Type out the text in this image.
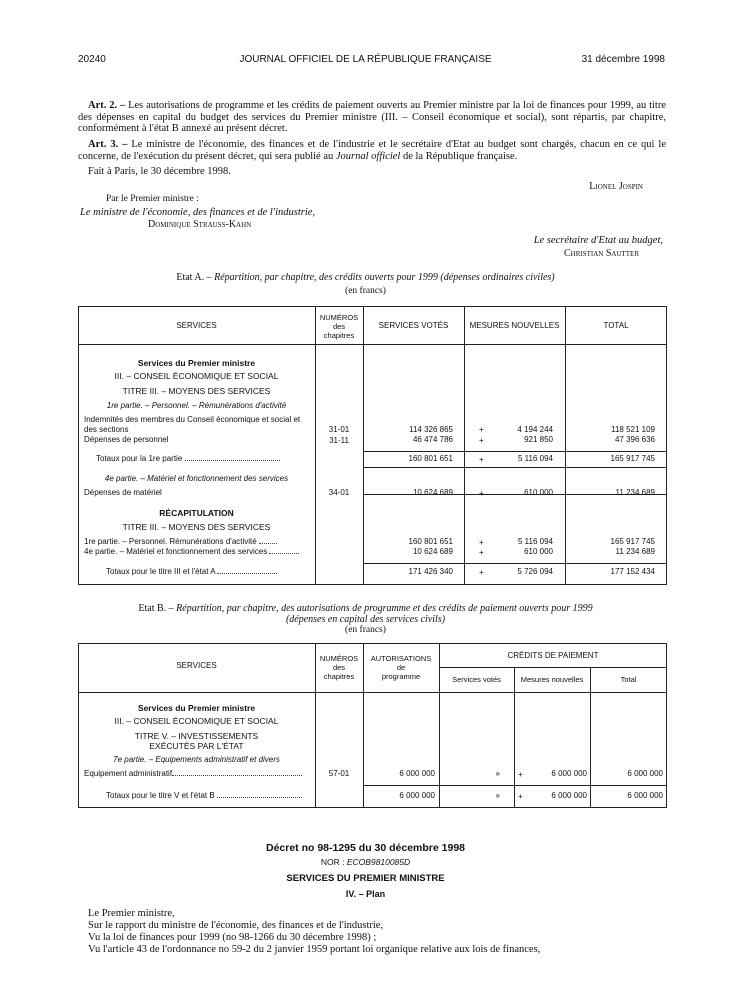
20240	JOURNAL OFFICIEL DE LA RÉPUBLIQUE FRANÇAISE	31 décembre 1998
Art. 2. – Les autorisations de programme et les crédits de paiement ouverts au Premier ministre par la loi de finances pour 1999, au titre des dépenses en capital du budget des services du Premier ministre (III. – Conseil économique et social), sont répartis, par chapitre, conformément à l'état B annexé au présent décret.
Art. 3. – Le ministre de l'économie, des finances et de l'industrie et le secrétaire d'Etat au budget sont chargés, chacun en ce qui le concerne, de l'exécution du présent décret, qui sera publié au Journal officiel de la République française.
Fait à Paris, le 30 décembre 1998.
Lionel Jospin
Par le Premier ministre :
Le ministre de l'économie, des finances et de l'industrie,
Dominique Strauss-Kahn
Le secrétaire d'Etat au budget,
Christian Sautter
Etat A. – Répartition, par chapitre, des crédits ouverts pour 1999 (dépenses ordinaires civiles)
(en francs)
SERVICES
NUMÉROS
des
chapitres
SERVICES VOTÉS	MESURES NOUVELLES	TOTAL
Services du Premier ministre
III. – CONSEIL ÉCONOMIQUE ET SOCIAL
TITRE III. – MOYENS DES SERVICES
1re partie. – Personnel. – Rémunérations d'activité
Indemnités des membres du Conseil économique et social et
des sections	31-01	114 326 865	+	4 194 244	118 521 109
Dépenses de personnel	31-11	46 474 786	+	921 850	47 396 636
Totaux pour la 1re partie	160 801 651	+	5 116 094	165 917 745
4e partie. – Matériel et fonctionnement des services
Dépenses de matériel	34-01	10 624 689	+	610 000	11 234 689
RÉCAPITULATION
TITRE III. – MOYENS DES SERVICES
1re partie. – Personnel. Rémunérations d'activité	160 801 651	+	5 116 094	165 917 745
4e partie. – Matériel et fonctionnement des services	10 624 689	+	610 000	11 234 689
Totaux pour le titre III et l'état A	171 426 340	+	5 726 094	177 152 434
Etat B. – Répartition, par chapitre, des autorisations de programme et des crédits de paiement ouverts pour 1999
(dépenses en capital des services civils)
(en francs)
SERVICES
NUMÉROS
des
chapitres
AUTORISATIONS
de
programme
CRÉDITS DE PAIEMENT
Services votés	Mesures nouvelles	Total
Services du Premier ministre
III. – CONSEIL ÉCONOMIQUE ET SOCIAL
TITRE V. – INVESTISSEMENTS
EXÉCUTÉS PAR L'ÉTAT
7e partie. – Equipements administratif et divers
Equipement administratif	57-01	6 000 000	» +	6 000 000	6 000 000
Totaux pour le titre V et l'état B	6 000 000	» +	6 000 000	6 000 000
Décret no 98-1295 du 30 décembre 1998
NOR : ECOB9810085D
SERVICES DU PREMIER MINISTRE
IV. – Plan
Le Premier ministre,
Sur le rapport du ministre de l'économie, des finances et de l'industrie,
Vu la loi de finances pour 1999 (no 98-1266 du 30 décembre 1998) ;
Vu l'article 43 de l'ordonnance no 59-2 du 2 janvier 1959 portant loi organique relative aux lois de finances,
